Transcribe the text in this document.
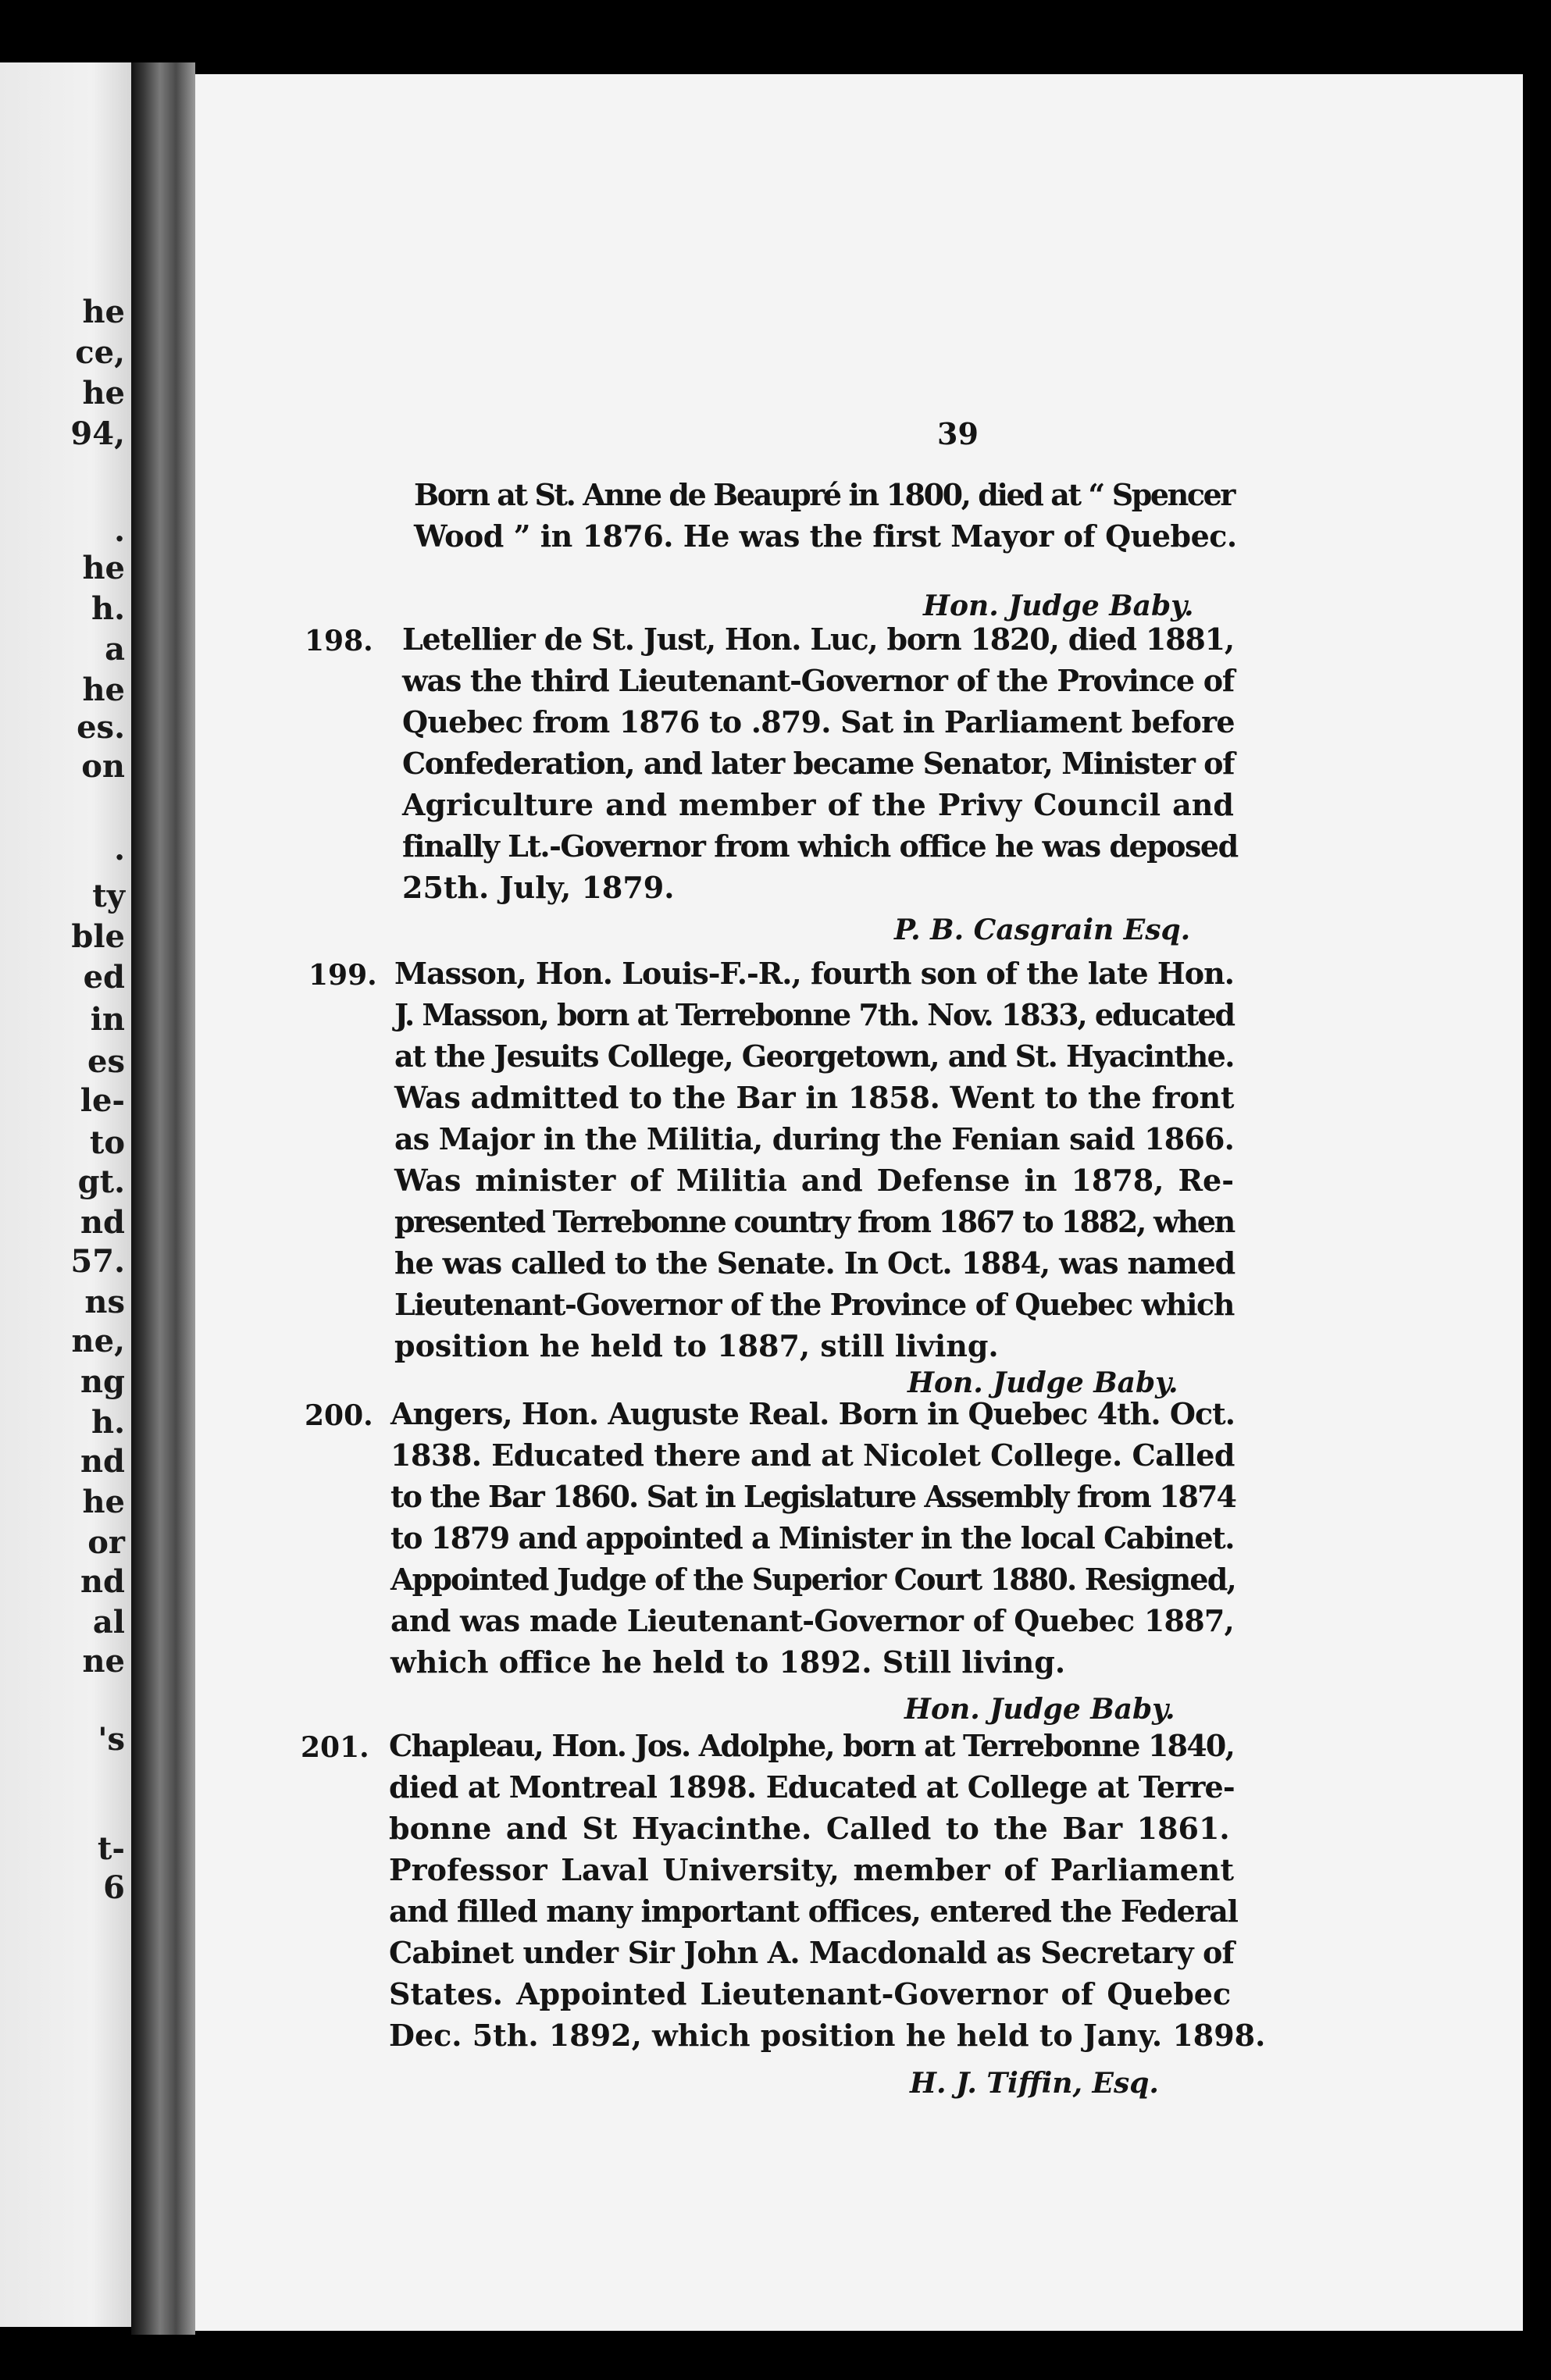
he
ce,
he
94,
.
he
h.
a
he
es.
on
.
ty
ble
ed
in
es
le-
to
gt.
nd
57.
ns
ne,
ng
h.
nd
he
or
nd
al
ne
's
t-
6
39
Born at St. Anne de Beaupré in 1800, died at “ Spencer
Wood ” in 1876. He was the first Mayor of Quebec.
Hon. Judge Baby.
198. Letellier de St. Just, Hon. Luc, born 1820, died 1881,
was the third Lieutenant-Governor of the Province of
Quebec from 1876 to .879. Sat in Parliament before
Confederation, and later became Senator, Minister of
Agriculture and member of the Privy Council and
finally Lt.-Governor from which office he was deposed
25th. July, 1879.
P. B. Casgrain Esq.
199. Masson, Hon. Louis-F.-R., fourth son of the late Hon.
J. Masson, born at Terrebonne 7th. Nov. 1833, educated
at the Jesuits College, Georgetown, and St. Hyacinthe.
Was admitted to the Bar in 1858. Went to the front
as Major in the Militia, during the Fenian said 1866.
Was minister of Militia and Defense in 1878, Re-
presented Terrebonne country from 1867 to 1882, when
he was called to the Senate. In Oct. 1884, was named
Lieutenant-Governor of the Province of Quebec which
position he held to 1887, still living.
Hon. Judge Baby.
200. Angers, Hon. Auguste Real. Born in Quebec 4th. Oct.
1838. Educated there and at Nicolet College. Called
to the Bar 1860. Sat in Legislature Assembly from 1874
to 1879 and appointed a Minister in the local Cabinet.
Appointed Judge of the Superior Court 1880. Resigned,
and was made Lieutenant-Governor of Quebec 1887,
which office he held to 1892. Still living.
Hon. Judge Baby.
201. Chapleau, Hon. Jos. Adolphe, born at Terrebonne 1840,
died at Montreal 1898. Educated at College at Terre-
bonne and St Hyacinthe. Called to the Bar 1861.
Professor Laval University, member of Parliament
and filled many important offices, entered the Federal
Cabinet under Sir John A. Macdonald as Secretary of
States. Appointed Lieutenant-Governor of Quebec
Dec. 5th. 1892, which position he held to Jany. 1898.
H. J. Tiffin, Esq.
